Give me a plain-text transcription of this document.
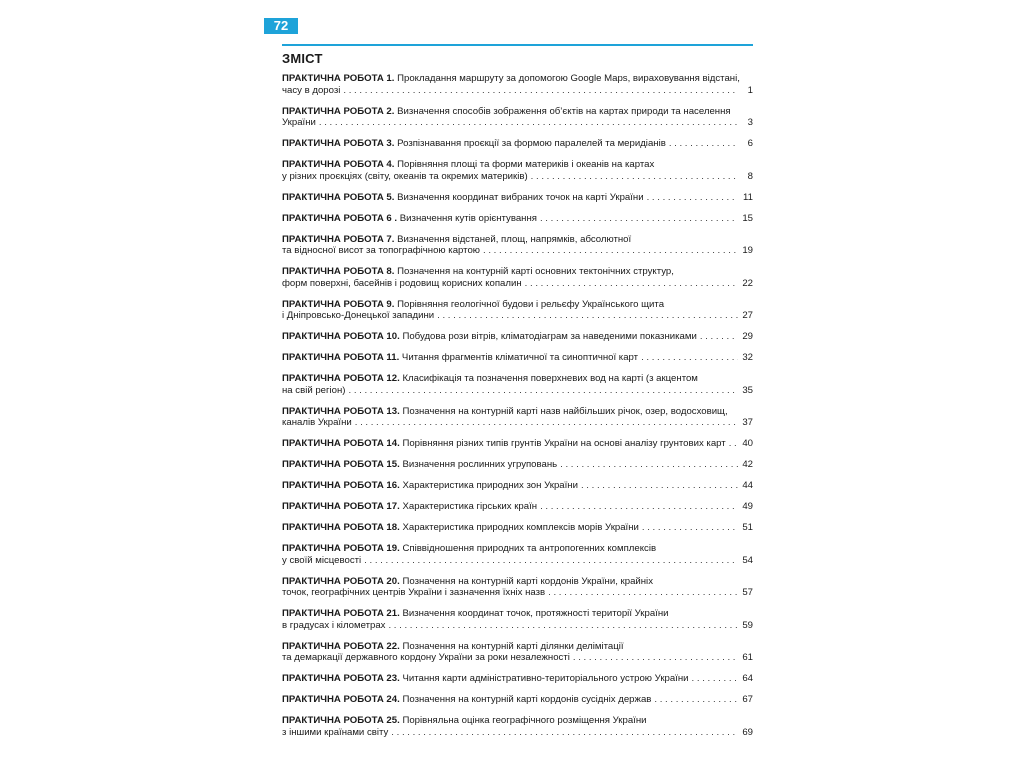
72
ЗМІСТ
ПРАКТИЧНА РОБОТА 1. Прокладання маршруту за допомогою Google Maps, вираховування відстані,
часу в дорозі . . .	1
ПРАКТИЧНА РОБОТА 2. Визначення способів зображення об’єктів на картах природи та населення
України . . .	3
ПРАКТИЧНА РОБОТА 3. Розпізнавання проєкції за формою паралелей та меридіанів . . .	6
ПРАКТИЧНА РОБОТА 4. Порівняння площі та форми материків і океанів на картах
у різних проєкціях (світу, океанів та окремих материків) . . .	8
ПРАКТИЧНА РОБОТА 5. Визначення координат вибраних точок на карті України . . .	11
ПРАКТИЧНА РОБОТА 6 . Визначення кутів орієнтування . . .	15
ПРАКТИЧНА РОБОТА 7. Визначення відстаней, площ, напрямків, абсолютної
та відносної висот за топографічною картою . . .	19
ПРАКТИЧНА РОБОТА 8. Позначення на контурній карті основних тектонічних структур,
форм поверхні, басейнів і родовищ корисних копалин . . .	22
ПРАКТИЧНА РОБОТА 9. Порівняння геологічної будови і рельєфу Українського щита
і Дніпровсько-Донецької западини . . .	27
ПРАКТИЧНА РОБОТА 10. Побудова рози вітрів, кліматодіаграм за наведеними показниками . . .	29
ПРАКТИЧНА РОБОТА 11. Читання фрагментів кліматичної та синоптичної карт . . .	32
ПРАКТИЧНА РОБОТА 12. Класифікація та позначення поверхневих вод на карті (з акцентом
на свій регіон) . . .	35
ПРАКТИЧНА РОБОТА 13. Позначення на контурній карті назв найбільших річок, озер, водосховищ,
каналів України . . .	37
ПРАКТИЧНА РОБОТА 14. Порівняння різних типів грунтів України на основі аналізу грунтових карт . . . 40
ПРАКТИЧНА РОБОТА 15. Визначення рослинних угруповань . . .	42
ПРАКТИЧНА РОБОТА 16. Характеристика природних зон України . . .	44
ПРАКТИЧНА РОБОТА 17. Характеристика гірських країн . . .	49
ПРАКТИЧНА РОБОТА 18. Характеристика природних комплексів морів України . . .	51
ПРАКТИЧНА РОБОТА 19. Співвідношення природних та антропогенних комплексів
у своїй місцевості . . .	54
ПРАКТИЧНА РОБОТА 20. Позначення на контурній карті кордонів України, крайніх
точок, географічних центрів України і зазначення їхніх назв . . .	57
ПРАКТИЧНА РОБОТА 21. Визначення координат точок, протяжності території України
в градусах і кілометрах . . .	59
ПРАКТИЧНА РОБОТА 22. Позначення на контурній карті ділянки делімітації
та демаркації державного кордону України за роки незалежності . . .	61
ПРАКТИЧНА РОБОТА 23. Читання карти адміністративно-територіального устрою України . . .	64
ПРАКТИЧНА РОБОТА 24. Позначення на контурній карті кордонів сусідніх держав . . .	67
ПРАКТИЧНА РОБОТА 25. Порівняльна оцінка географічного розміщення України
з іншими країнами світу . . .	69
